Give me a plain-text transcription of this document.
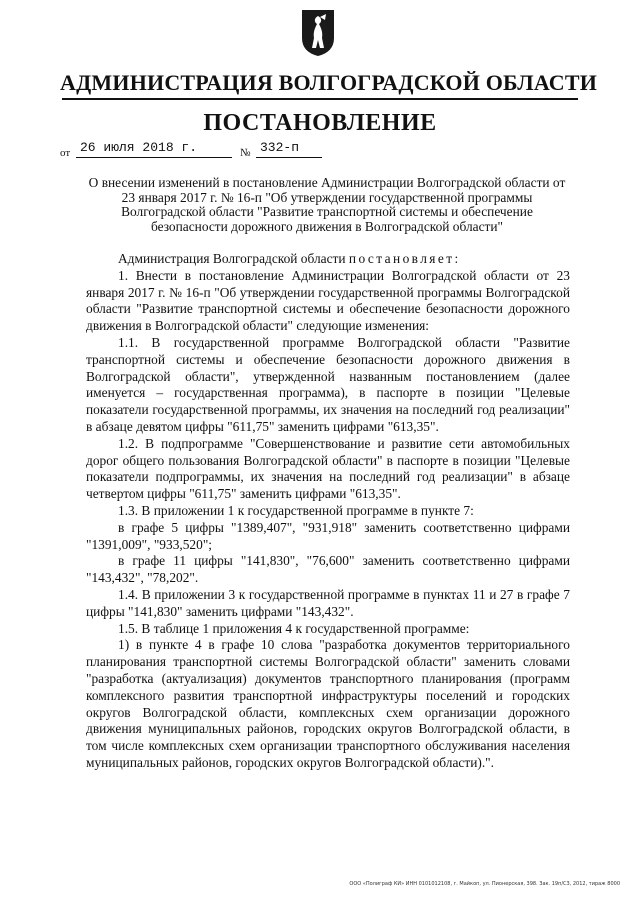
АДМИНИСТРАЦИЯ ВОЛГОГРАДСКОЙ ОБЛАСТИ
ПОСТАНОВЛЕНИЕ
от 26 июля 2018 г.	№ 332-п
О внесении изменений в постановление Администрации Волгоградской области от 23 января 2017 г. № 16-п "Об утверждении государственной программы Волгоградской области "Развитие транспортной системы и обеспечение безопасности дорожного движения в Волгоградской области"

Администрация Волгоградской области постановляет:

1. Внести в постановление Администрации Волгоградской области от 23 января 2017 г. № 16-п "Об утверждении государственной программы Волгоградской области "Развитие транспортной системы и обеспечение безопасности дорожного движения в Волгоградской области" следующие изменения:

1.1. В государственной программе Волгоградской области "Развитие транспортной системы и обеспечение безопасности дорожного движения в Волгоградской области", утвержденной названным постановлением (далее именуется – государственная программа), в паспорте в позиции "Целевые показатели государственной программы, их значения на последний год реализации" в абзаце девятом цифры "611,75" заменить цифрами "613,35".

1.2. В подпрограмме "Совершенствование и развитие сети автомобильных дорог общего пользования Волгоградской области" в паспорте в позиции "Целевые показатели подпрограммы, их значения на последний год реализации" в абзаце четвертом цифры "611,75" заменить цифрами "613,35".

1.3. В приложении 1 к государственной программе в пункте 7:

в графе 5 цифры "1389,407", "931,918" заменить соответственно цифрами "1391,009", "933,520";

в графе 11 цифры "141,830", "76,600" заменить соответственно цифрами "143,432", "78,202".

1.4. В приложении 3 к государственной программе в пунктах 11 и 27 в графе 7 цифры "141,830" заменить цифрами "143,432".

1.5. В таблице 1 приложения 4 к государственной программе:

1) в пункте 4 в графе 10 слова "разработка документов территориального планирования транспортной системы Волгоградской области" заменить словами "разработка (актуализация) документов транспортного планирования (программ комплексного развития транспортной инфраструктуры поселений и городских округов Волгоградской области, комплексных схем организации дорожного движения муниципальных районов, городских округов Волгоградской области, в том числе комплексных схем организации транспортного обслуживания населения муниципальных районов, городских округов Волгоградской области).".

ООО «Полиграф КИ» ИНН 0101012108, г. Майкоп, ул. Пионерская, 398. Зак. 19п/С3, 2012, тираж 8000
